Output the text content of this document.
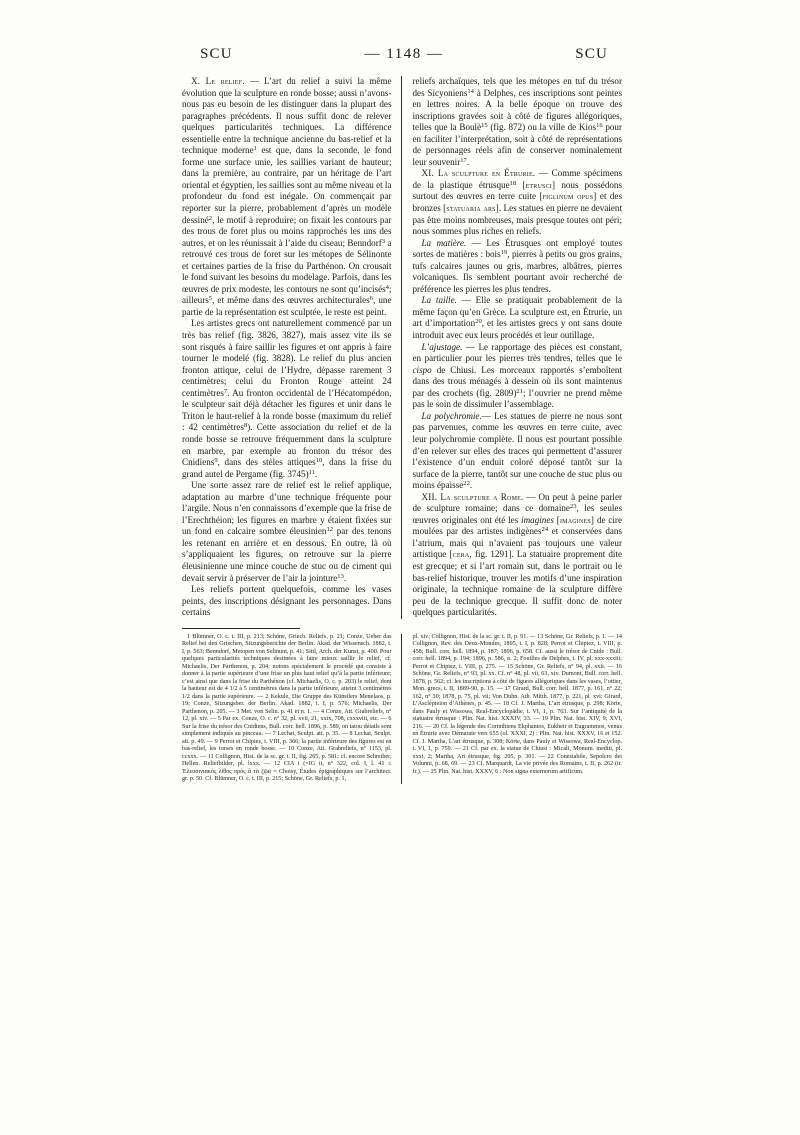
SCU	— 1148 —	SCU

X. Le relief. — L’art du relief a suivi la même évolution que la sculpture en ronde bosse; aussi n’avons-nous pas eu besoin de les distinguer dans la plupart des paragraphes précédents. Il nous suffit donc de relever quelques particularités techniques. La différence essentielle entre la technique ancienne du bas-relief et la technique moderne$^1$ est que, dans la seconde, le fond forme une surface unie, les saillies variant de hauteur; dans la première, au contraire, par un héritage de l’art oriental et égyptien, les saillies sont au même niveau et la profondeur du fond est inégale. On commençait par reporter sur la pierre, probablement d’après un modèle dessiné$^2$, le motif à reproduire; on fixait les contours par des trous de foret plus ou moins rapprochés les uns des autres, et on les réunissait à l’aide du ciseau; Benndorf$^3$ a retrouvé ces trous de foret sur les métopes de Sélinonte et certaines parties de la frise du Parthénon. On crousait le fond suivant les besoins du modelage. Parfois, dans les œuvres de prix modeste, les contours ne sont qu’incisés$^4$; ailleurs$^5$, et même dans des œuvres architecturales$^6$, une partie de la représentation est sculptée, le reste est peint.

Les artistes grecs ont naturellement commencé par un très bas relief (fig. 3826, 3827), mais assez vite ils se sont risqués à faire saillir les figures et ont appris à faire tourner le modelé (fig. 3828). Le relief du plus ancien fronton attique, celui de l’Hydre, dépasse rarement 3 centimètres; celui du Fronton Rouge atteint 24 centimètres$^7$. Au fronton occidental de l’Hécatompédon, le sculpteur sait déjà détacher les figures et unir dans le Triton le haut-relief à la ronde bosse (maximum du relief : 42 centimètres$^8$). Cette association du relief et de la ronde bosse se retrouve fréquemment dans la sculpture en marbre, par exemple au fronton du trésor des Cnidiens$^9$, dans des stèles attiques$^{10}$, dans la frise du grand autel de Pergame (fig. 3745)$^{11}$.

Une sorte assez rare de relief est le relief applique, adaptation au marbre d’une technique fréquente pour l’argile. Nous n’en connaissons d’exemple que la frise de l’Erechthéion; les figures en marbre y étaient fixées sur un fond en calcaire sombre éleusinien$^{12}$ par des tenons les retenant en arrière et en dessous. En outre, là où s’appliquaient les figures, on retrouve sur la pierre éleusinienne une mince couche de stuc ou de ciment qui devait servir à préserver de l’air la jointure$^{13}$.

Les reliefs portent quelquefois, comme les vases peints, des inscriptions désignant les personnages. Dans certains

reliefs archaïques, tels que les métopes en tuf du trésor des Sicyoniens$^{14}$ à Delphes, ces inscriptions sont peintes en lettres noires. A la belle époque on trouve des inscriptions gravées soit à côté de figures allégoriques, telles que la Boulè$^{15}$ (fig. 872) ou la ville de Kios$^{16}$ pour en faciliter l’interprétation, soit à côté de représentations de personnages réels afin de conserver nominalement leur souvenir$^{17}$.

XI. La sculpture en Étrurie. — Comme spécimens de la plastique étrusque$^{18}$ [etrusci] nous possédons surtout des œuvres en terre cuite [figlinum opus] et des bronzes [statuaria ars]. Les statues en pierre ne devaient pas être moins nombreuses, mais presque toutes ont péri; nous sommes plus riches en reliefs.

La matière. — Les Étrusques ont employé toutes sortes de matières : bois$^{19}$, pierres à petits ou gros grains, tufs calcaires jaunes ou gris, marbres, albâtres, pierres volcaniques. Ils semblent pourtant avoir recherché de préférence les pierres les plus tendres.

La taille. — Elle se pratiquait probablement de la même façon qu’en Grèce. La sculpture est, en Étrurie, un art d’importation$^{20}$, et les artistes grecs y ont sans doute introduit avec eux leurs procédés et leur outillage.

L’ajustage. — Le rapportage des pièces est constant, en particulier pour les pierres très tendres, telles que le cispo de Chiusi. Les morceaux rapportés s’emboîtent dans des trous ménagés à dessein où ils sont maintenus par des crochets (fig. 2809)$^{21}$; l’ouvrier ne prend même pas le soin de dissimuler l’assemblage.

La polychromie.— Les statues de pierre ne nous sont pas parvenues, comme les œuvres en terre cuite, avec leur polychromie complète. Il nous est pourtant possible d’en relever sur elles des traces qui permettent d’assurer l’existence d’un enduit coloré déposé tantôt sur la surface de la pierre, tantôt sur une couche de stuc plus ou moins épaisse$^{22}$.

XII. La sculpture a Rome. — On peut à peine parler de sculpture romaine; dans ce domaine$^{23}$, les seules œuvres originales ont été les imagines [imagines] de cire moulées par des artistes indigènes$^{24}$ et conservées dans l’atrium, mais qui n’avaient pas toujours une valeur artistique [cera, fig. 1291]. La statuaire proprement dite est grecque; et si l’art romain sut, dans le portrait ou le bas-relief historique, trouver les motifs d’une inspiration originale, la technique romaine de la sculpture diffère peu de la technique grecque. Il suffit donc de noter quelques particularités.

1 Blümner, O. c. t. III, p. 213; Schöne, Griech. Reliefs, p. 21; Conze, Ueber das Relief bei den Griechen, Sitzungsberichte der Berlin. Akad. der Wissensch. 1882, t. I, p. 563; Benndorf, Metopen von Selinunt, p. 41; Sittl, Arch. der Kunst, p. 400. Pour quelques particularités techniques destinées à faire mieux saillir le relief, cf. Michaelis, Der Parthenon, p. 204; notons spécialement le procédé qui consiste à donner à la partie supérieure d’une frise un plus haut relief qu’à la partie inférieure; c’est ainsi que dans la frise du Parthénon (cf. Michaelis, O. c. p. 203) le relief, dont la hauteur est de 4 1/2 à 5 centimètres dans la partie inférieure, atteint 3 centimètres 1/2 dans la partie supérieure. — 2 Kekule, Die Gruppe des Künstlers Menelaos, p. 19; Conze, Sitzungsber. der Berlin. Akad. 1882, t. I, p. 576; Michaelis, Der Parthenon, p. 205. — 3 Met. von Selin. p. 41 et n. 1. — 4 Conze, Att. Grabreliefs, n° 12, pl. xiv. — 5 Par ex. Conze, O. c. n° 32, pl. xvii, 21, xxix, 708, cxxxviii, etc. — 6 Sur la frise du trésor des Cnidiens, Bull. corr. hell. 1896, p. 589, on tatou détails sont simplement indiqués au pinceau. — 7 Lechat, Sculpt. att. p. 35. — 8 Lechat, Sculpt. att. p. 49. — 9 Perrot et Chipiez, t. VIII, p. 366; la partie inférieure des figures est en bas-relief, les torses en ronde bosse. — 10 Conze, Att. Grabreliefs, n° 1153, pl. ccxxx. — 11 Collignon, Hist. de la sc. gr. t. II, fig. 265, p. 581; cf. encore Schreiber, Hellen. Reliefbilder, pl. lxxx. — 12 CIA i (=IG ii, n° 322, col. I, l. 41 ≤ Ἐλευσινιακὸς λίθος πρὸς ἃ τὰ ζῷα = Choisy, Études épigraphiques sur l’architect. gr. p. 50. Cf. Blümner, O. c. t. III, p. 215; Schöne, Gr. Reliefs, p. 1,

pl. xiv; Collignon, Hist. de la sc. gr. t. II, p. 91. — 13 Schöne, Gr. Reliefs, p. 1. — 14 Collignon, Rev. des Deux-Mondes, 1895, t. I, p. 828; Perrot et Chipiez, t. VIII, p. 458; Bull. corr. hell. 1894, p. 187; 1896, p. 658. Cf. aussi le trésor de Cnide : Bull. corr. hell. 1894, p. 194; 1896, p. 586, n. 2; Fouilles de Delphes, t. IV, pl. xxx-xxxiii; Perrot et Chipiez, t. VIII, p. 275. — 15 Schöne, Gr. Reliefs, n° 94, pl. xxii. — 16 Schöne, Gr. Reliefs, n° 93, pl. xx. Cf. n° 48, pl. vii, 63, xiv. Dumont, Bull. corr. hell. 1878, p. 562; cf. les inscriptions à côté de figures allégoriques dans les vases, l’ottier, Mon. grecs, t. II, 1889-90, p. 15. — 17 Girard, Bull. corr. hell. 1877, p. 161, n° 22; 162, n° 30; 1878, p. 75, pl. vii; Von Duhn. Ath. Mitth. 1877, p. 221, pl. xvi; Girard, L’Asclépieion d’Athènes, p. 45. — 18 Cf. J. Martha, L’art étrusque, p. 298; Körte, dans Pauly et Wissowa, Real-Encyclopädie, t. VI, 1, p. 763. Sur l’antiquité de la statuaire étrusque : Plin. Nat. hist. XXXIV, 33. — 19 Plin. Nat. hist. XIV, 9; XVI, 216. — 20 Cf. la légende des Corinthiens Ekphantos, Eukheir et Eugrammos, venus en Étrurie avec Démarate vers 655 (ol. XXXI, 2) : Plin. Nat. hist. XXXV, 16 et 152. Cf. J. Martha, L’art étrusque, p. 308; Körte, dans Pauly et Wissowa, Real-Encyclop. t. VI, 1, p. 759. — 21 Cf. par ex. la statue de Chiusi : Micali, Monum. inediti, pl. xxxi, 2; Martha, Art étrusque, fig. 205, p. 301. — 22 Conestabile, Sepolcro dei Volunni, p. 68, 69. — 23 Cf. Marquardt, La vie privée des Romains, t. II, p. 262 (tr. fr.). — 25 Plin. Nat. hist. XXXV, 6 : Non signa externorum artificum.
